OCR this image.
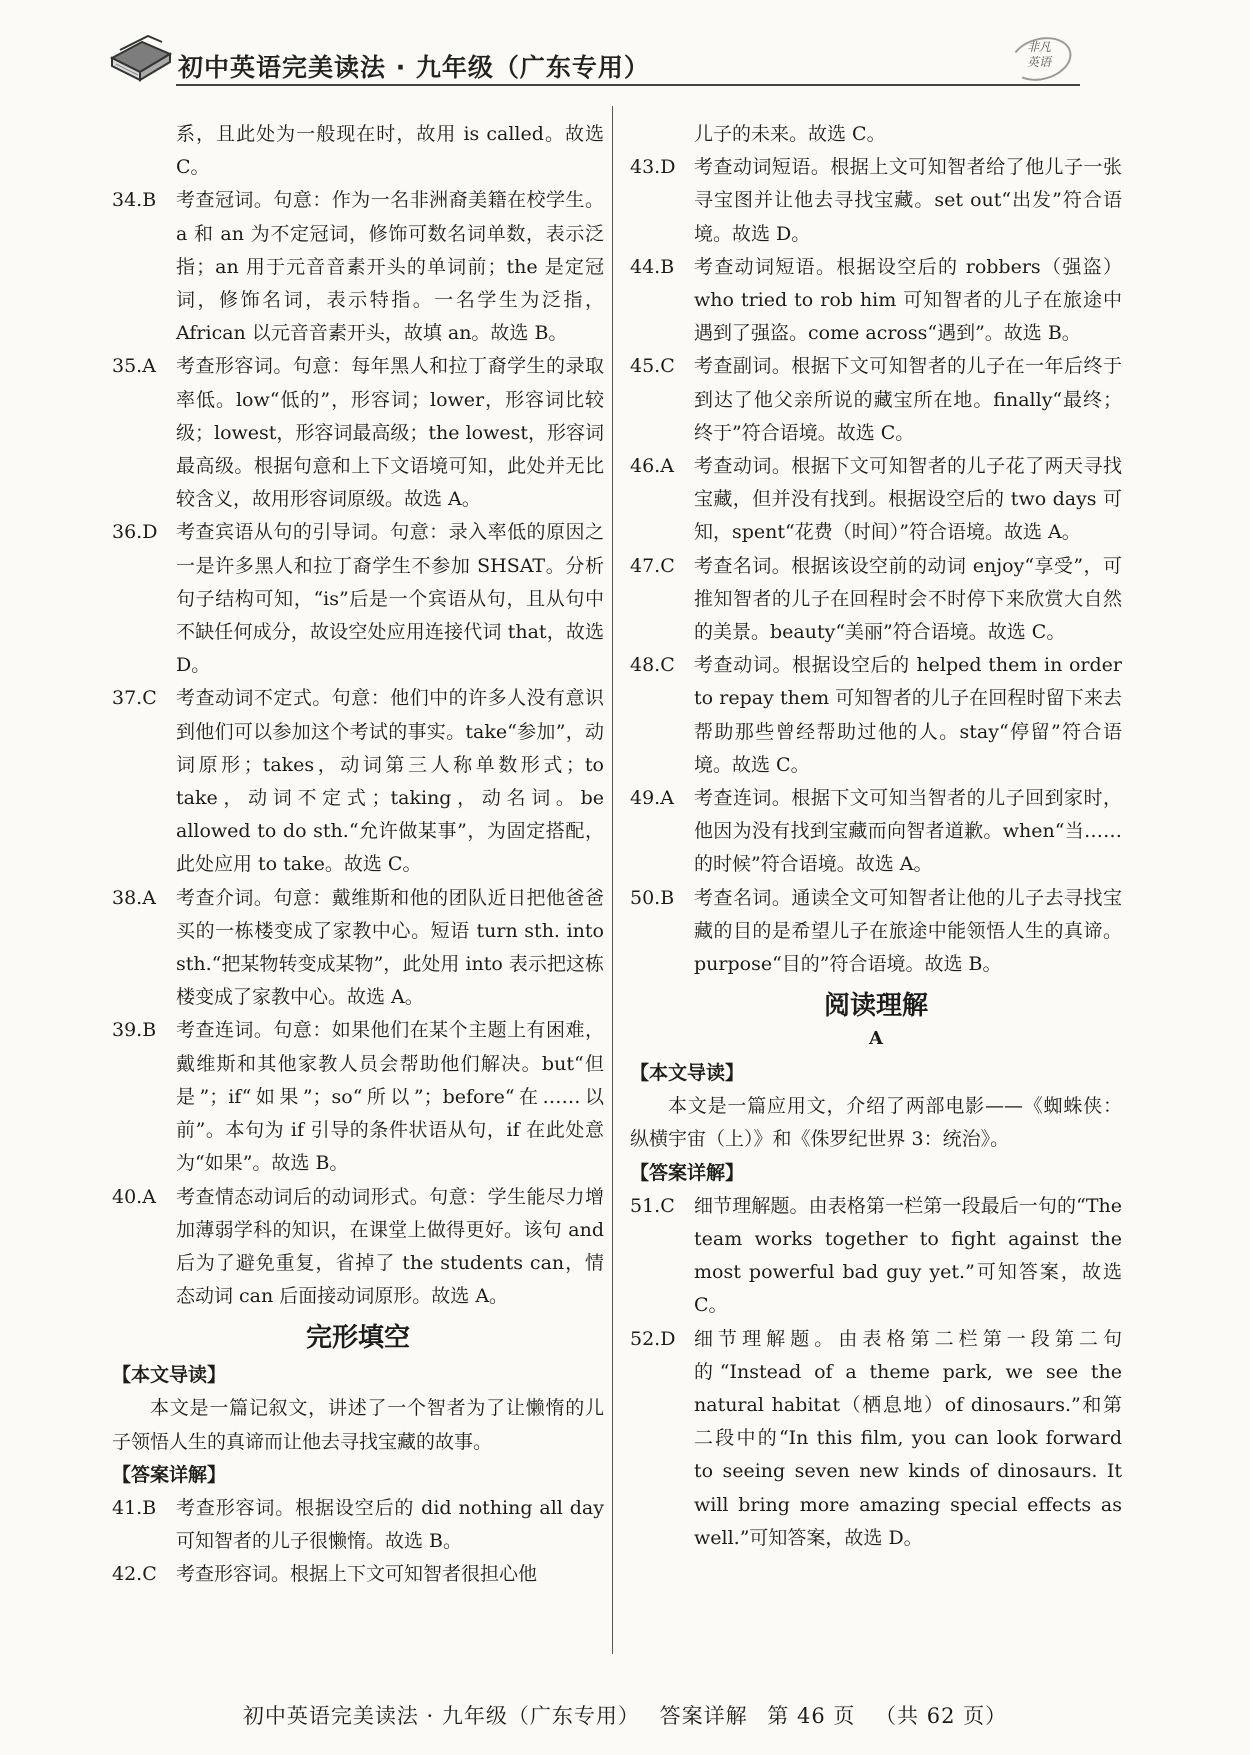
初中英语完美读法 · 九年级（广东专用）
非凡
英语
系，且此处为一般现在时，故用 is called。故选 C。
34.B 考查冠词。句意：作为一名非洲裔美籍在校学生。a 和 an 为不定冠词，修饰可数名词单数，表示泛指；an 用于元音音素开头的单词前；the 是定冠词，修饰名词，表示特指。一名学生为泛指，African 以元音音素开头，故填 an。故选 B。
35.A 考查形容词。句意：每年黑人和拉丁裔学生的录取率低。low“低的”，形容词；lower，形容词比较级；lowest，形容词最高级；the lowest，形容词最高级。根据句意和上下文语境可知，此处并无比较含义，故用形容词原级。故选 A。
36.D 考查宾语从句的引导词。句意：录入率低的原因之一是许多黑人和拉丁裔学生不参加 SHSAT。分析句子结构可知，“is”后是一个宾语从句，且从句中不缺任何成分，故设空处应用连接代词 that，故选 D。
37.C 考查动词不定式。句意：他们中的许多人没有意识到他们可以参加这个考试的事实。take“参加”，动词原形；takes，动词第三人称单数形式；to take，动词不定式；taking，动名词。be allowed to do sth.“允许做某事”，为固定搭配，此处应用 to take。故选 C。
38.A 考查介词。句意：戴维斯和他的团队近日把他爸爸买的一栋楼变成了家教中心。短语 turn sth. into sth.“把某物转变成某物”，此处用 into 表示把这栋楼变成了家教中心。故选 A。
39.B 考查连词。句意：如果他们在某个主题上有困难，戴维斯和其他家教人员会帮助他们解决。but“但是”；if“如果”；so“所以”；before“在……以前”。本句为 if 引导的条件状语从句，if 在此处意为“如果”。故选 B。
40.A 考查情态动词后的动词形式。句意：学生能尽力增加薄弱学科的知识，在课堂上做得更好。该句 and 后为了避免重复，省掉了 the students can，情态动词 can 后面接动词原形。故选 A。
完形填空
【本文导读】
本文是一篇记叙文，讲述了一个智者为了让懒惰的儿子领悟人生的真谛而让他去寻找宝藏的故事。
【答案详解】
41.B 考查形容词。根据设空后的 did nothing all day 可知智者的儿子很懒惰。故选 B。
42.C 考查形容词。根据上下文可知智者很担心他
儿子的未来。故选 C。
43.D 考查动词短语。根据上文可知智者给了他儿子一张寻宝图并让他去寻找宝藏。set out“出发”符合语境。故选 D。
44.B 考查动词短语。根据设空后的 robbers（强盗）who tried to rob him 可知智者的儿子在旅途中遇到了强盗。come across“遇到”。故选 B。
45.C 考查副词。根据下文可知智者的儿子在一年后终于到达了他父亲所说的藏宝所在地。finally“最终；终于”符合语境。故选 C。
46.A 考查动词。根据下文可知智者的儿子花了两天寻找宝藏，但并没有找到。根据设空后的 two days 可知，spent“花费（时间）”符合语境。故选 A。
47.C 考查名词。根据该设空前的动词 enjoy“享受”，可推知智者的儿子在回程时会不时停下来欣赏大自然的美景。beauty“美丽”符合语境。故选 C。
48.C 考查动词。根据设空后的 helped them in order to repay them 可知智者的儿子在回程时留下来去帮助那些曾经帮助过他的人。stay“停留”符合语境。故选 C。
49.A 考查连词。根据下文可知当智者的儿子回到家时，他因为没有找到宝藏而向智者道歉。when“当……的时候”符合语境。故选 A。
50.B 考查名词。通读全文可知智者让他的儿子去寻找宝藏的目的是希望儿子在旅途中能领悟人生的真谛。purpose“目的”符合语境。故选 B。
阅读理解
A
【本文导读】
本文是一篇应用文，介绍了两部电影——《蜘蛛侠：纵横宇宙（上）》和《侏罗纪世界 3：统治》。
【答案详解】
51.C 细节理解题。由表格第一栏第一段最后一句的“The team works together to fight against the most powerful bad guy yet.”可知答案，故选 C。
52.D 细节理解题。由表格第二栏第一段第二句的“Instead of a theme park, we see the natural habitat（栖息地）of dinosaurs.”和第二段中的“In this film, you can look forward to seeing seven new kinds of dinosaurs. It will bring more amazing special effects as well.”可知答案，故选 D。
初中英语完美读法 · 九年级（广东专用） 答案详解 第 46 页 （共 62 页）
